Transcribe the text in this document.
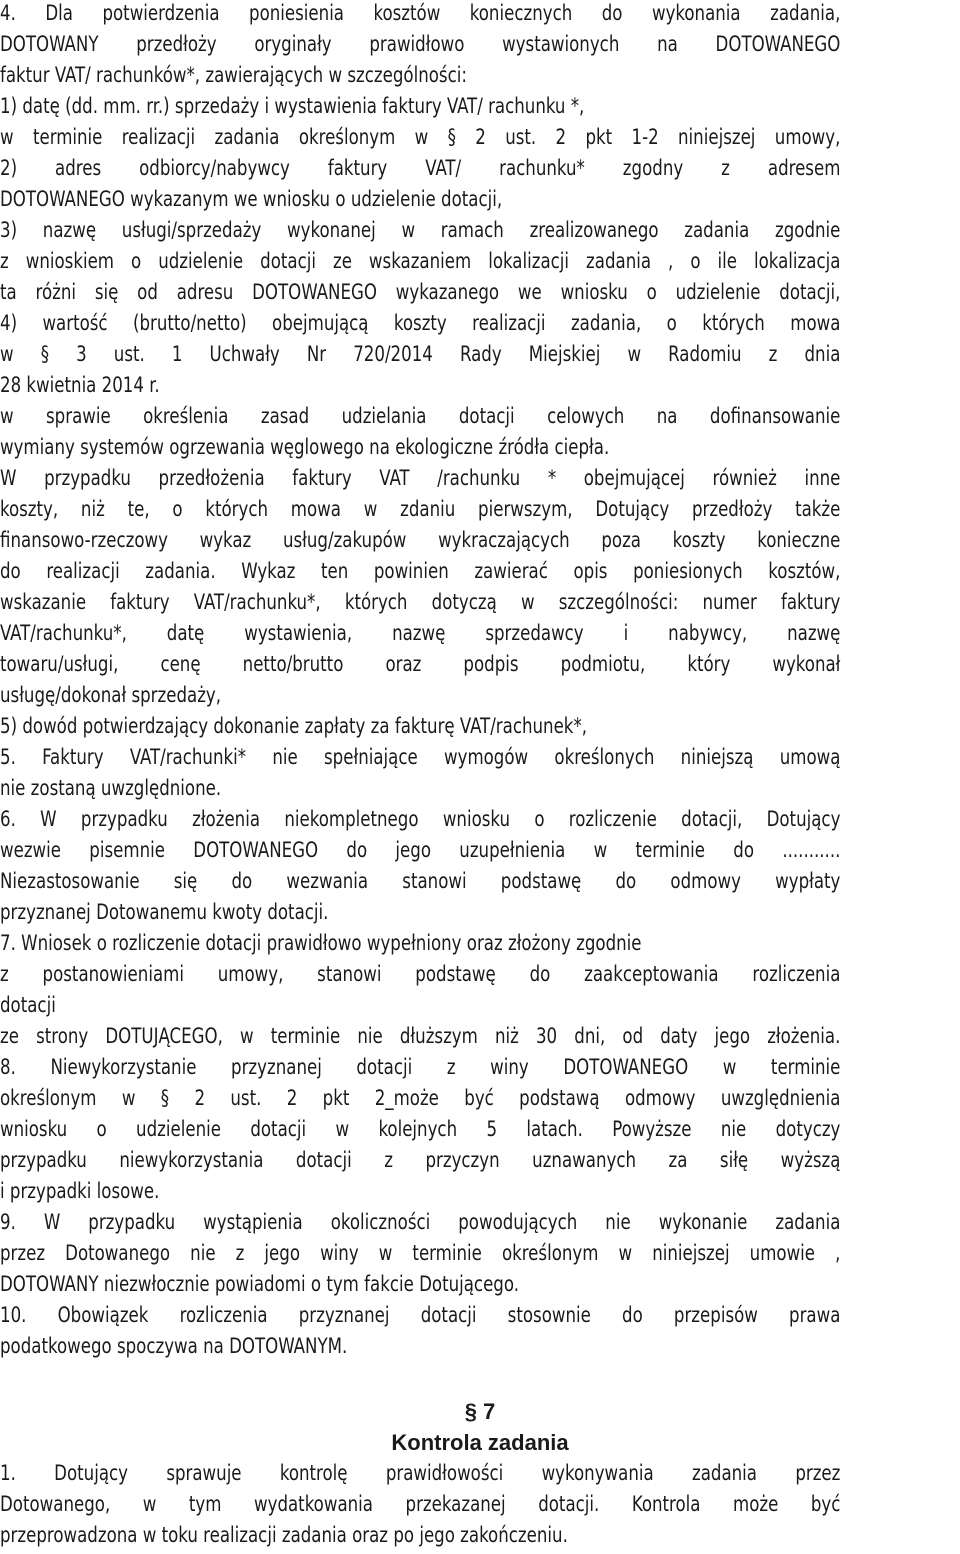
4. Dla potwierdzenia poniesienia kosztów koniecznych do wykonania zadania,
DOTOWANY przedłoży oryginały prawidłowo wystawionych na DOTOWANEGO
faktur VAT/ rachunków*, zawierających w szczególności:
1) datę (dd. mm. rr.) sprzedaży i wystawienia faktury VAT/ rachunku *,
w terminie realizacji zadania określonym w § 2 ust. 2 pkt 1-2 niniejszej umowy,
2) adres odbiorcy/nabywcy faktury VAT/ rachunku* zgodny z adresem
DOTOWANEGO wykazanym we wniosku o udzielenie dotacji,
3) nazwę usługi/sprzedaży wykonanej w ramach zrealizowanego zadania zgodnie
z wnioskiem o udzielenie dotacji ze wskazaniem lokalizacji zadania , o ile lokalizacja
ta różni się od adresu DOTOWANEGO wykazanego we wniosku o udzielenie dotacji,
4) wartość (brutto/netto) obejmującą koszty realizacji zadania, o których mowa
w § 3 ust. 1 Uchwały Nr 720/2014 Rady Miejskiej w Radomiu z dnia
28 kwietnia 2014 r.
w sprawie określenia zasad udzielania dotacji celowych na dofinansowanie
wymiany systemów ogrzewania węglowego na ekologiczne źródła ciepła.
W przypadku przedłożenia faktury VAT /rachunku * obejmującej również inne
koszty, niż te, o których mowa w zdaniu pierwszym, Dotujący przedłoży także
finansowo-rzeczowy wykaz usług/zakupów wykraczających poza koszty konieczne
do realizacji zadania. Wykaz ten powinien zawierać opis poniesionych kosztów,
wskazanie faktury VAT/rachunku*, których dotyczą w szczególności: numer faktury
VAT/rachunku*, datę wystawienia, nazwę sprzedawcy i nabywcy, nazwę
towaru/usługi, cenę netto/brutto oraz podpis podmiotu, który wykonał
usługę/dokonał sprzedaży,
5) dowód potwierdzający dokonanie zapłaty za fakturę VAT/rachunek*,
5. Faktury VAT/rachunki* nie spełniające wymogów określonych niniejszą umową
nie zostaną uwzględnione.
6. W przypadku złożenia niekompletnego wniosku o rozliczenie dotacji, Dotujący
wezwie pisemnie DOTOWANEGO do jego uzupełnienia w terminie do ...........
Niezastosowanie się do wezwania stanowi podstawę do odmowy wypłaty
przyznanej Dotowanemu kwoty dotacji.
7. Wniosek o rozliczenie dotacji prawidłowo wypełniony oraz złożony zgodnie
z postanowieniami umowy, stanowi podstawę do zaakceptowania rozliczenia
dotacji
ze strony DOTUJĄCEGO, w terminie nie dłuższym niż 30 dni, od daty jego złożenia.
8. Niewykorzystanie przyznanej dotacji z winy DOTOWANEGO w terminie
określonym w § 2 ust. 2 pkt 2_może być podstawą odmowy uwzględnienia
wniosku o udzielenie dotacji w kolejnych 5 latach. Powyższe nie dotyczy
przypadku niewykorzystania dotacji z przyczyn uznawanych za siłę wyższą
i przypadki losowe.
9. W przypadku wystąpienia okoliczności powodujących nie wykonanie zadania
przez Dotowanego nie z jego winy w terminie określonym w niniejszej umowie ,
DOTOWANY niezwłocznie powiadomi o tym fakcie Dotującego.
10. Obowiązek rozliczenia przyznanej dotacji stosownie do przepisów prawa
podatkowego spoczywa na DOTOWANYM.
§ 7
Kontrola zadania
1. Dotujący sprawuje kontrolę prawidłowości wykonywania zadania przez
Dotowanego, w tym wydatkowania przekazanej dotacji. Kontrola może być
przeprowadzona w toku realizacji zadania oraz po jego zakończeniu.
